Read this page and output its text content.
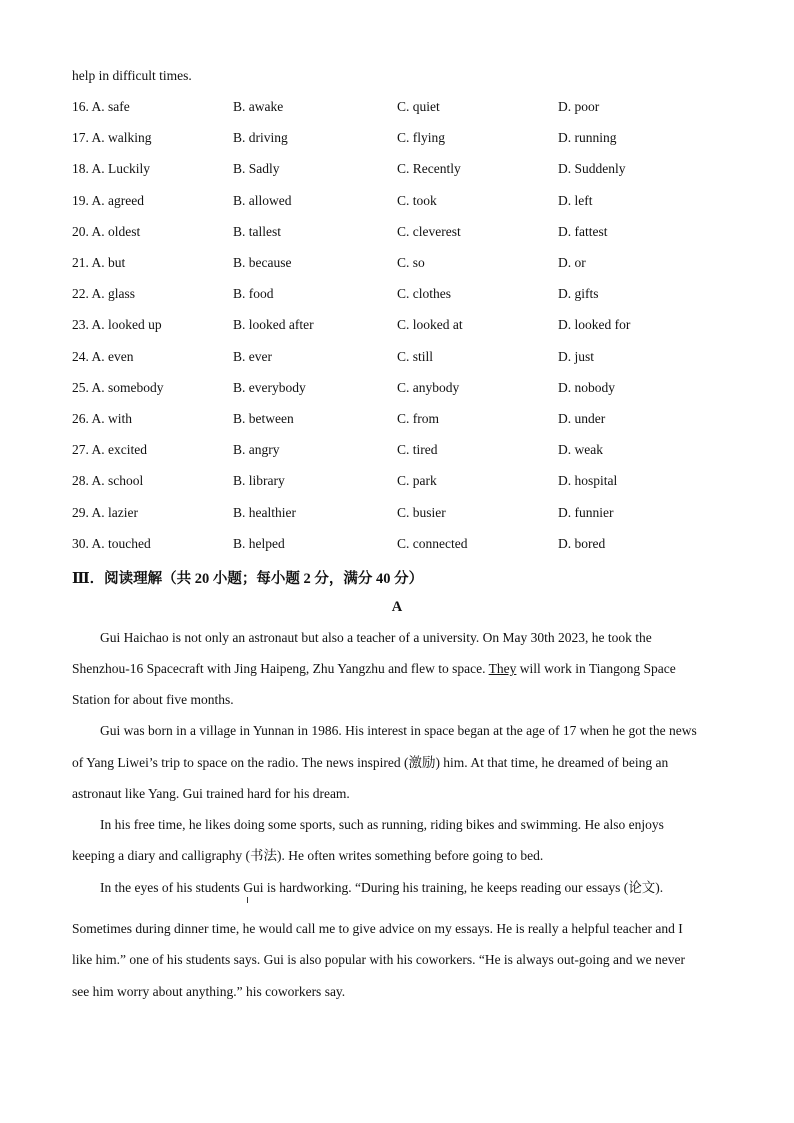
help in difficult times.
16. A. safe	B. awake	C. quiet	D. poor
17. A. walking	B. driving	C. flying	D. running
18. A. Luckily	B. Sadly	C. Recently	D. Suddenly
19. A. agreed	B. allowed	C. took	D. left
20. A. oldest	B. tallest	C. cleverest	D. fattest
21. A. but	B. because	C. so	D. or
22. A. glass	B. food	C. clothes	D. gifts
23. A. looked up	B. looked after	C. looked at	D. looked for
24. A. even	B. ever	C. still	D. just
25. A. somebody	B. everybody	C. anybody	D. nobody
26. A. with	B. between	C. from	D. under
27. A. excited	B. angry	C. tired	D. weak
28. A. school	B. library	C. park	D. hospital
29. A. lazier	B. healthier	C. busier	D. funnier
30. A. touched	B. helped	C. connected	D. bored
Ⅲ．阅读理解（共 20 小题；每小题 2 分，满分 40 分）
A
Gui Haichao is not only an astronaut but also a teacher of a university. On May 30th 2023, he took the
Shenzhou-16 Spacecraft with Jing Haipeng, Zhu Yangzhu and flew to space. They will work in Tiangong Space
Station for about five months.
Gui was born in a village in Yunnan in 1986. His interest in space began at the age of 17 when he got the news
of Yang Liwei’s trip to space on the radio. The news inspired (激励) him. At that time, he dreamed of being an
astronaut like Yang. Gui trained hard for his dream.
In his free time, he likes doing some sports, such as running, riding bikes and swimming. He also enjoys
keeping a diary and calligraphy (书法). He often writes something before going to bed.
In the eyes of his students Gui is hardworking. “During his training, he keeps reading our essays (论文).
Sometimes during dinner time, he would call me to give advice on my essays. He is really a helpful teacher and I
like him.” one of his students says. Gui is also popular with his coworkers. “He is always out-going and we never
see him worry about anything.” his coworkers say.
